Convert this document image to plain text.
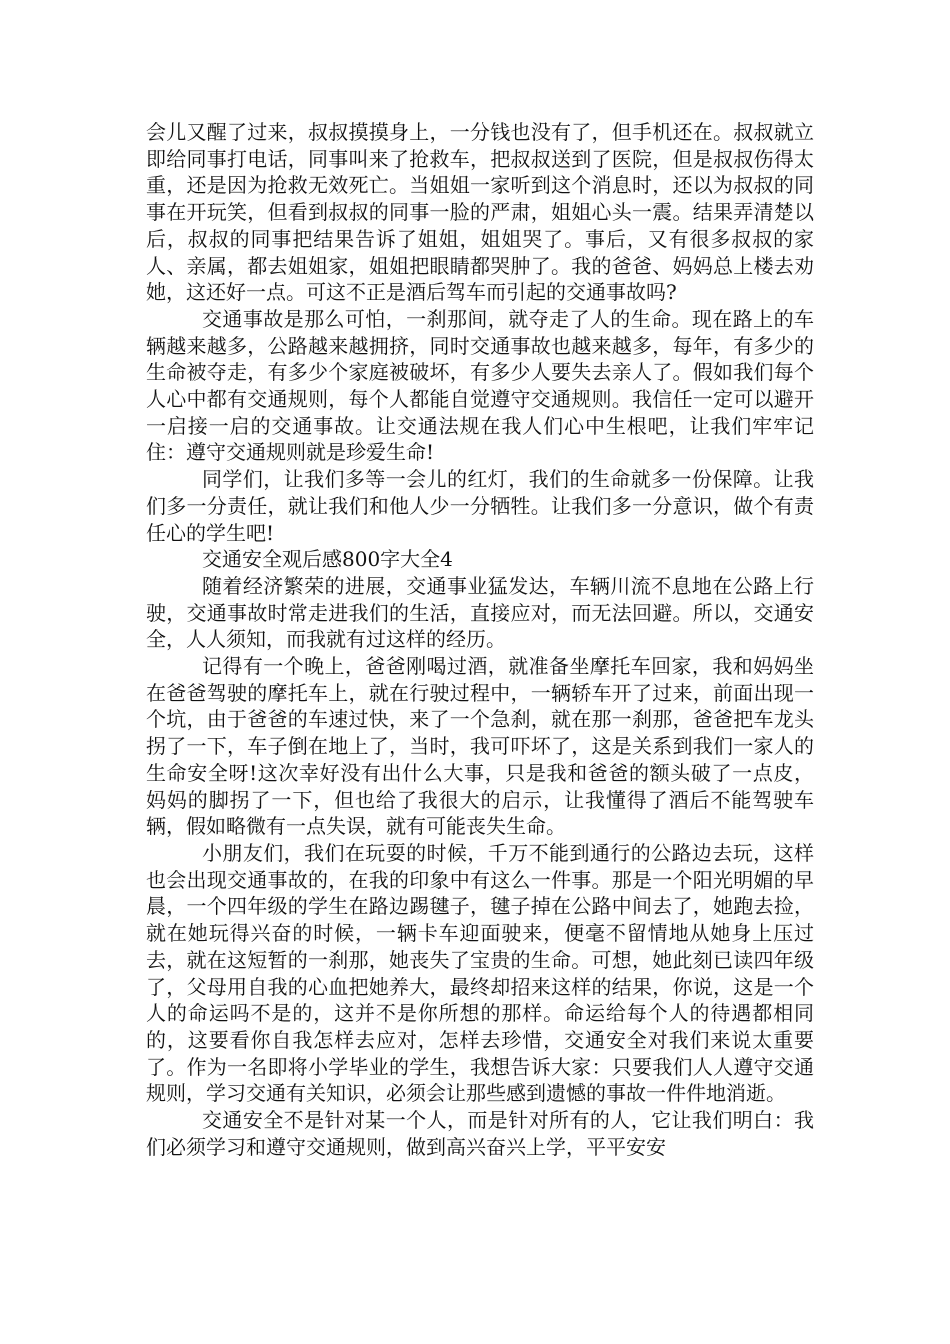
会儿又醒了过来，叔叔摸摸身上，一分钱也没有了，但手机还在。叔叔就立即给同事打电话，同事叫来了抢救车，把叔叔送到了医院，但是叔叔伤得太重，还是因为抢救无效死亡。当姐姐一家听到这个消息时，还以为叔叔的同事在开玩笑，但看到叔叔的同事一脸的严肃，姐姐心头一震。结果弄清楚以后，叔叔的同事把结果告诉了姐姐，姐姐哭了。事后，又有很多叔叔的家人、亲属，都去姐姐家，姐姐把眼睛都哭肿了。我的爸爸、妈妈总上楼去劝她，这还好一点。可这不正是酒后驾车而引起的交通事故吗?

交通事故是那么可怕，一刹那间，就夺走了人的生命。现在路上的车辆越来越多，公路越来越拥挤，同时交通事故也越来越多，每年，有多少的生命被夺走，有多少个家庭被破坏，有多少人要失去亲人了。假如我们每个人心中都有交通规则，每个人都能自觉遵守交通规则。我信任一定可以避开一启接一启的交通事故。让交通法规在我人们心中生根吧，让我们牢牢记住：遵守交通规则就是珍爱生命!

同学们，让我们多等一会儿的红灯，我们的生命就多一份保障。让我们多一分责任，就让我们和他人少一分牺牲。让我们多一分意识，做个有责任心的学生吧!

交通安全观后感800字大全4

随着经济繁荣的进展，交通事业猛发达，车辆川流不息地在公路上行驶，交通事故时常走进我们的生活，直接应对，而无法回避。所以，交通安全，人人须知，而我就有过这样的经历。

记得有一个晚上，爸爸刚喝过酒，就准备坐摩托车回家，我和妈妈坐在爸爸驾驶的摩托车上，就在行驶过程中，一辆轿车开了过来，前面出现一个坑，由于爸爸的车速过快，来了一个急刹，就在那一刹那，爸爸把车龙头拐了一下，车子倒在地上了，当时，我可吓坏了，这是关系到我们一家人的生命安全呀!这次幸好没有出什么大事，只是我和爸爸的额头破了一点皮，妈妈的脚拐了一下，但也给了我很大的启示，让我懂得了酒后不能驾驶车辆，假如略微有一点失误，就有可能丧失生命。

小朋友们，我们在玩耍的时候，千万不能到通行的公路边去玩，这样也会出现交通事故的，在我的印象中有这么一件事。那是一个阳光明媚的早晨，一个四年级的学生在路边踢毽子，毽子掉在公路中间去了，她跑去捡，就在她玩得兴奋的时候，一辆卡车迎面驶来，便毫不留情地从她身上压过去，就在这短暂的一刹那，她丧失了宝贵的生命。可想，她此刻已读四年级了，父母用自我的心血把她养大，最终却招来这样的结果，你说，这是一个人的命运吗不是的，这并不是你所想的那样。命运给每个人的待遇都相同的，这要看你自我怎样去应对，怎样去珍惜，交通安全对我们来说太重要了。作为一名即将小学毕业的学生，我想告诉大家：只要我们人人遵守交通规则，学习交通有关知识，必须会让那些感到遗憾的事故一件件地消逝。

交通安全不是针对某一个人，而是针对所有的人，它让我们明白：我们必须学习和遵守交通规则，做到高兴奋兴上学，平平安安
